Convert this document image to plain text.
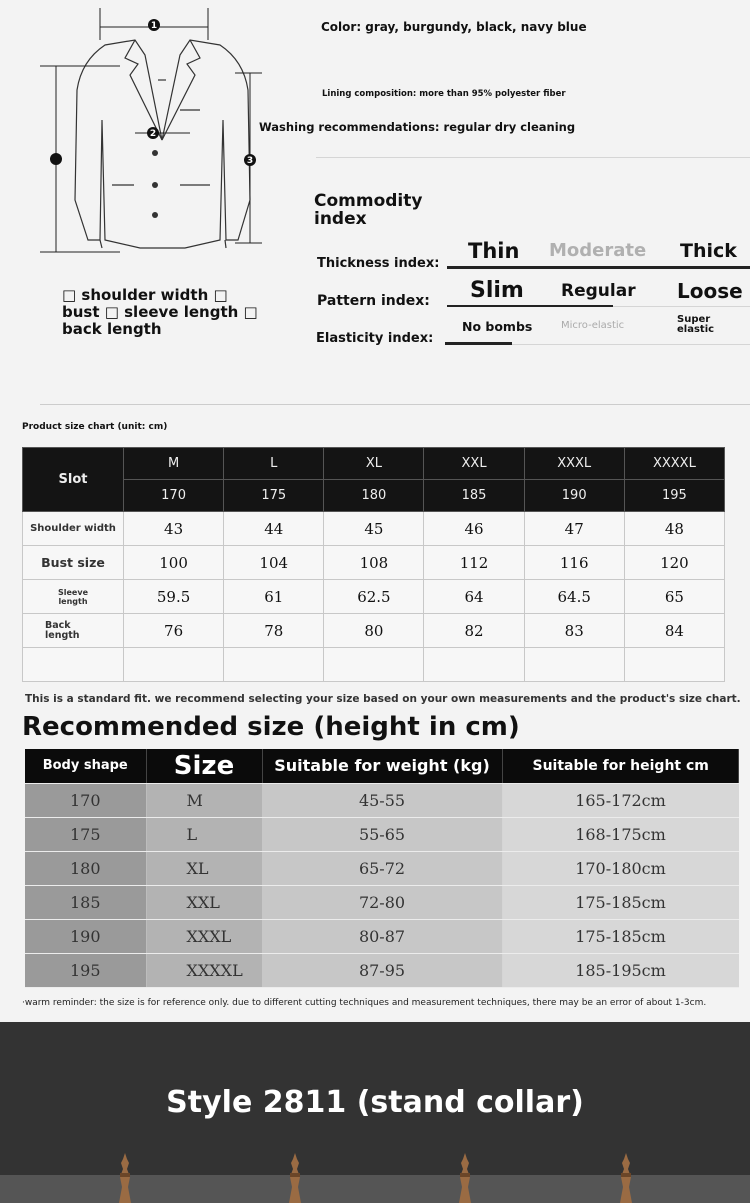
1
2
3
□ shoulder width □ bust □ sleeve length □ back length
Color: gray, burgundy, black, navy blue
Lining composition: more than 95% polyester fiber
Washing recommendations: regular dry cleaning
Commodity index
Thickness index:
Thin Moderate Thick
Pattern index: Slim Regular Loose
Elasticity index:
No bombs	Micro-elastic
Super elastic
Product size chart (unit: cm)
Slot	M	L	XL	XXL	XXXL	XXXXL
	170	175	180	185	190	195
Shoulder width	43	44	45	46	47	48
Bust size	100	104	108	112	116	120
Sleeve length	59.5	61	62.5	64	64.5	65
Back length	76	78	80	82	83	84

This is a standard fit. we recommend selecting your size based on your own measurements and the product's size chart.
Recommended size (height in cm)
Body shape	Size	Suitable for weight (kg)	Suitable for height cm
170	M	45-55	165-172cm
175	L	55-65	168-175cm
180	XL	65-72	170-180cm
185	XXL	72-80	175-185cm
190	XXXL	80-87	175-185cm
195	XXXXL	87-95	185-195cm
·warm reminder: the size is for reference only. due to different cutting techniques and measurement techniques, there may be an error of about 1-3cm.
Style 2811 (stand collar)
